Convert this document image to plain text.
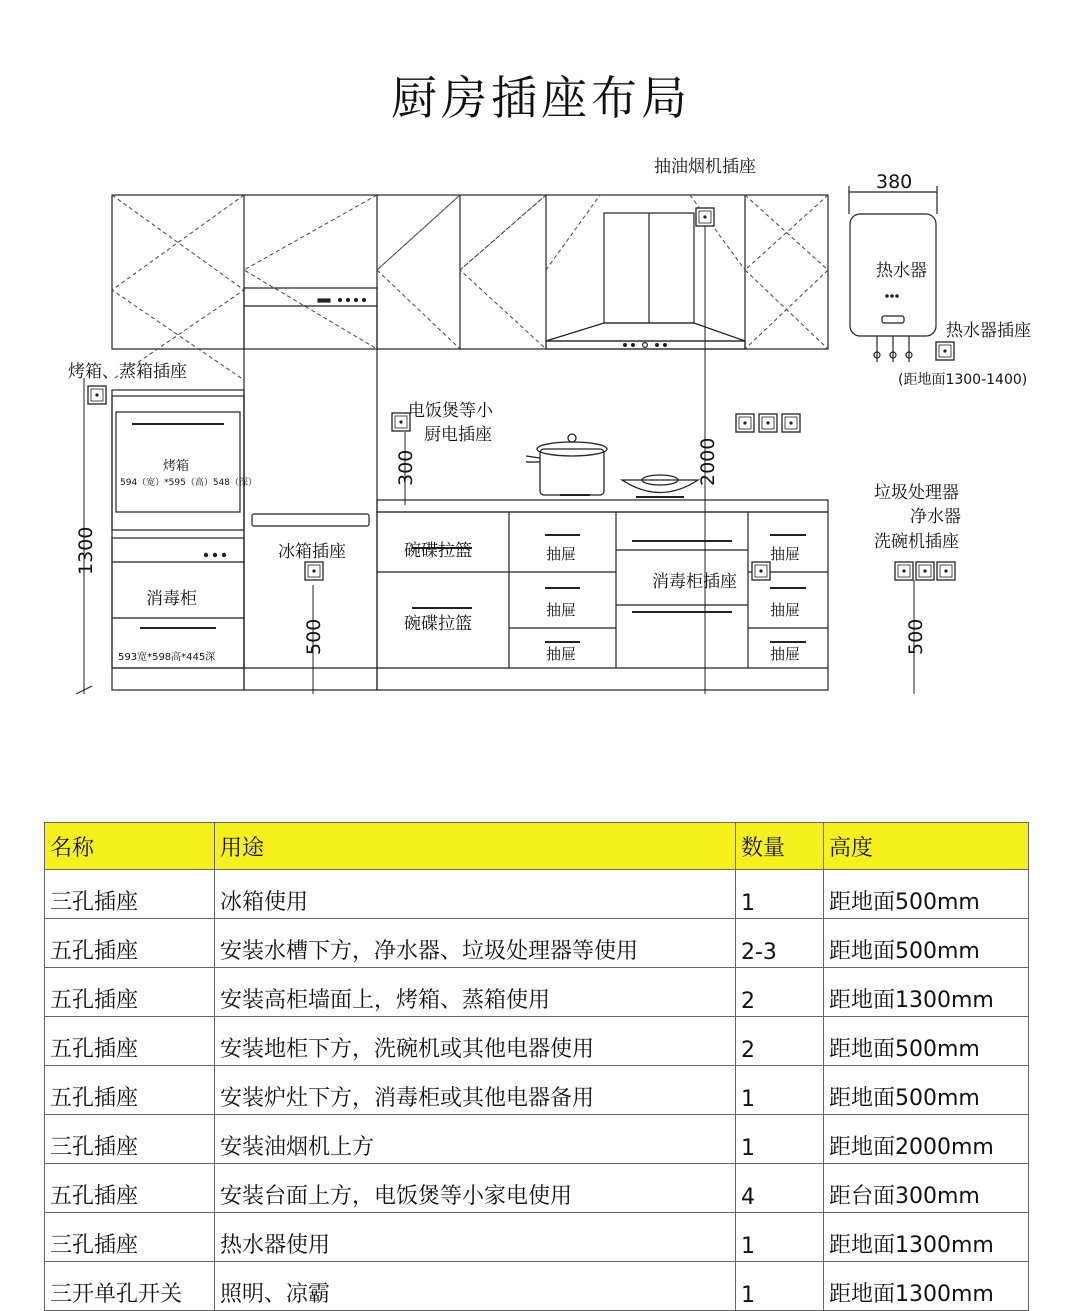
厨房插座布局
抽油烟机插座
380
热水器
热水器插座
(距地面1300-1400)
烤箱、蒸箱插座
电饭煲等小
厨电插座
300	2000
1300
500	500
烤箱
594（宽）*595（高）548（深）
消毒柜
593宽*598高*445深
冰箱插座	碗碟拉篮
碗碟拉篮
抽屉
抽屉
抽屉
抽屉
抽屉
抽屉
消毒柜插座
垃圾处理器
净水器
洗碗机插座
名称	用途	数量	高度
三孔插座	冰箱使用	1	距地面500mm
五孔插座	安装水槽下方，净水器、垃圾处理器等使用	2-3	距地面500mm
五孔插座	安装高柜墙面上，烤箱、蒸箱使用	2	距地面1300mm
五孔插座	安装地柜下方，洗碗机或其他电器使用	2	距地面500mm
五孔插座	安装炉灶下方，消毒柜或其他电器备用	1	距地面500mm
三孔插座	安装油烟机上方	1	距地面2000mm
五孔插座	安装台面上方，电饭煲等小家电使用	4	距台面300mm
三孔插座	热水器使用	1	距地面1300mm
三开单孔开关	照明、凉霸	1	距地面1300mm
